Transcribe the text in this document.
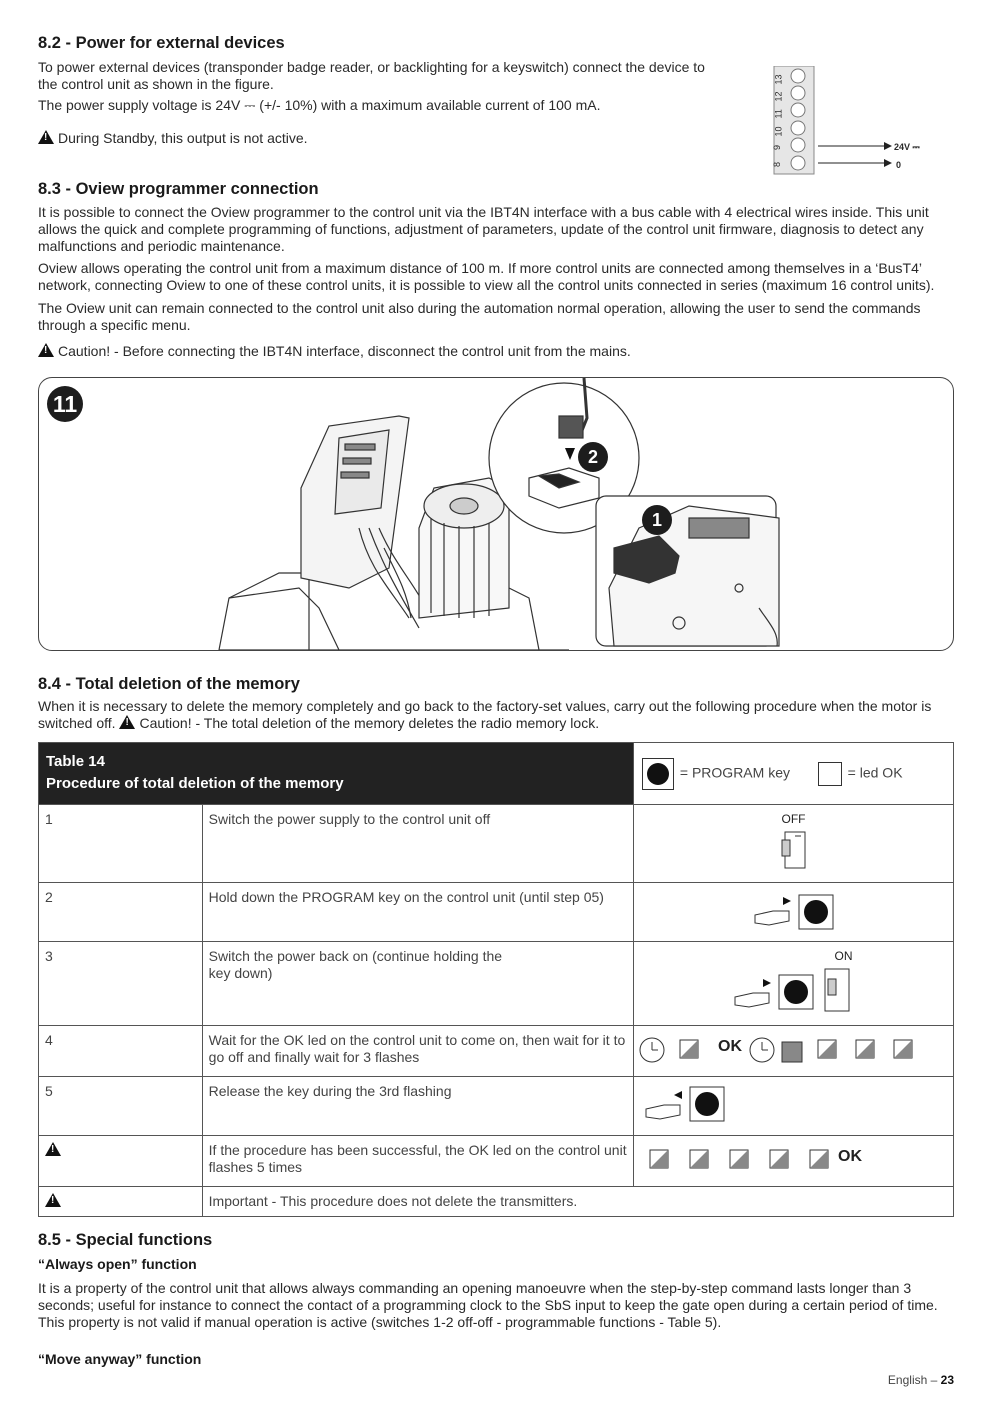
8.2 - Power for external devices

To power external devices (transponder badge reader, or backlighting for a keyswitch) connect the device to the control unit as shown in the figure.

The power supply voltage is 24V ⎓ (+/- 10%) with a maximum available current of 100 mA.

!During Standby, this output is not active.

13
12
11
10
9
8
24V ⎓
0
8.3 - Oview programmer connection

It is possible to connect the Oview programmer to the control unit via the IBT4N interface with a bus cable with 4 electrical wires inside. This unit allows the quick and complete programming of functions, adjustment of parameters, update of the control unit firmware, diagnosis to detect any malfunctions and periodic maintenance.

Oview allows operating the control unit from a maximum distance of 100 m. If more control units are connected among themselves in a ‘BusT4’ network, connecting Oview to one of these control units, it is possible to view all the control units connected in series (maximum 16 control units).

The Oview unit can remain connected to the control unit also during the automation normal operation, allowing the user to send the commands through a specific menu.

!Caution! - Before connecting the IBT4N interface, disconnect the control unit from the mains.

11
2
1
8.4 - Total deletion of the memory

When it is necessary to delete the memory completely and go back to the factory-set values, carry out the following procedure when the motor is switched off. ! Caution! - The total deletion of the memory deletes the radio memory lock.

Table 14
Procedure of total deletion of the memory		= PROGRAM key = led OK
1	Switch the power supply to the control unit off	OFF

2	Hold down the PROGRAM key on the control unit (until step 05)	
3	Switch the power back on (continue holding the key down)	ON

4	Wait for the OK led on the control unit to come on, then wait for it to go off and finally wait for 3 flashes	OK

5	Release the key during the 3rd flashing	
!	If the procedure has been successful, the OK led on the control unit flashes 5 times	OK

!	Important - This procedure does not delete the transmitters.	
8.5 - Special functions
“Always open” function

It is a property of the control unit that allows always commanding an opening manoeuvre when the step-by-step command lasts longer than 3 seconds; useful for instance to connect the contact of a programming clock to the SbS input to keep the gate open during a certain period of time. This property is not valid if manual operation is active (switches 1-2 off-off - programmable functions - Table 5).

“Move anyway” function
English – 23
